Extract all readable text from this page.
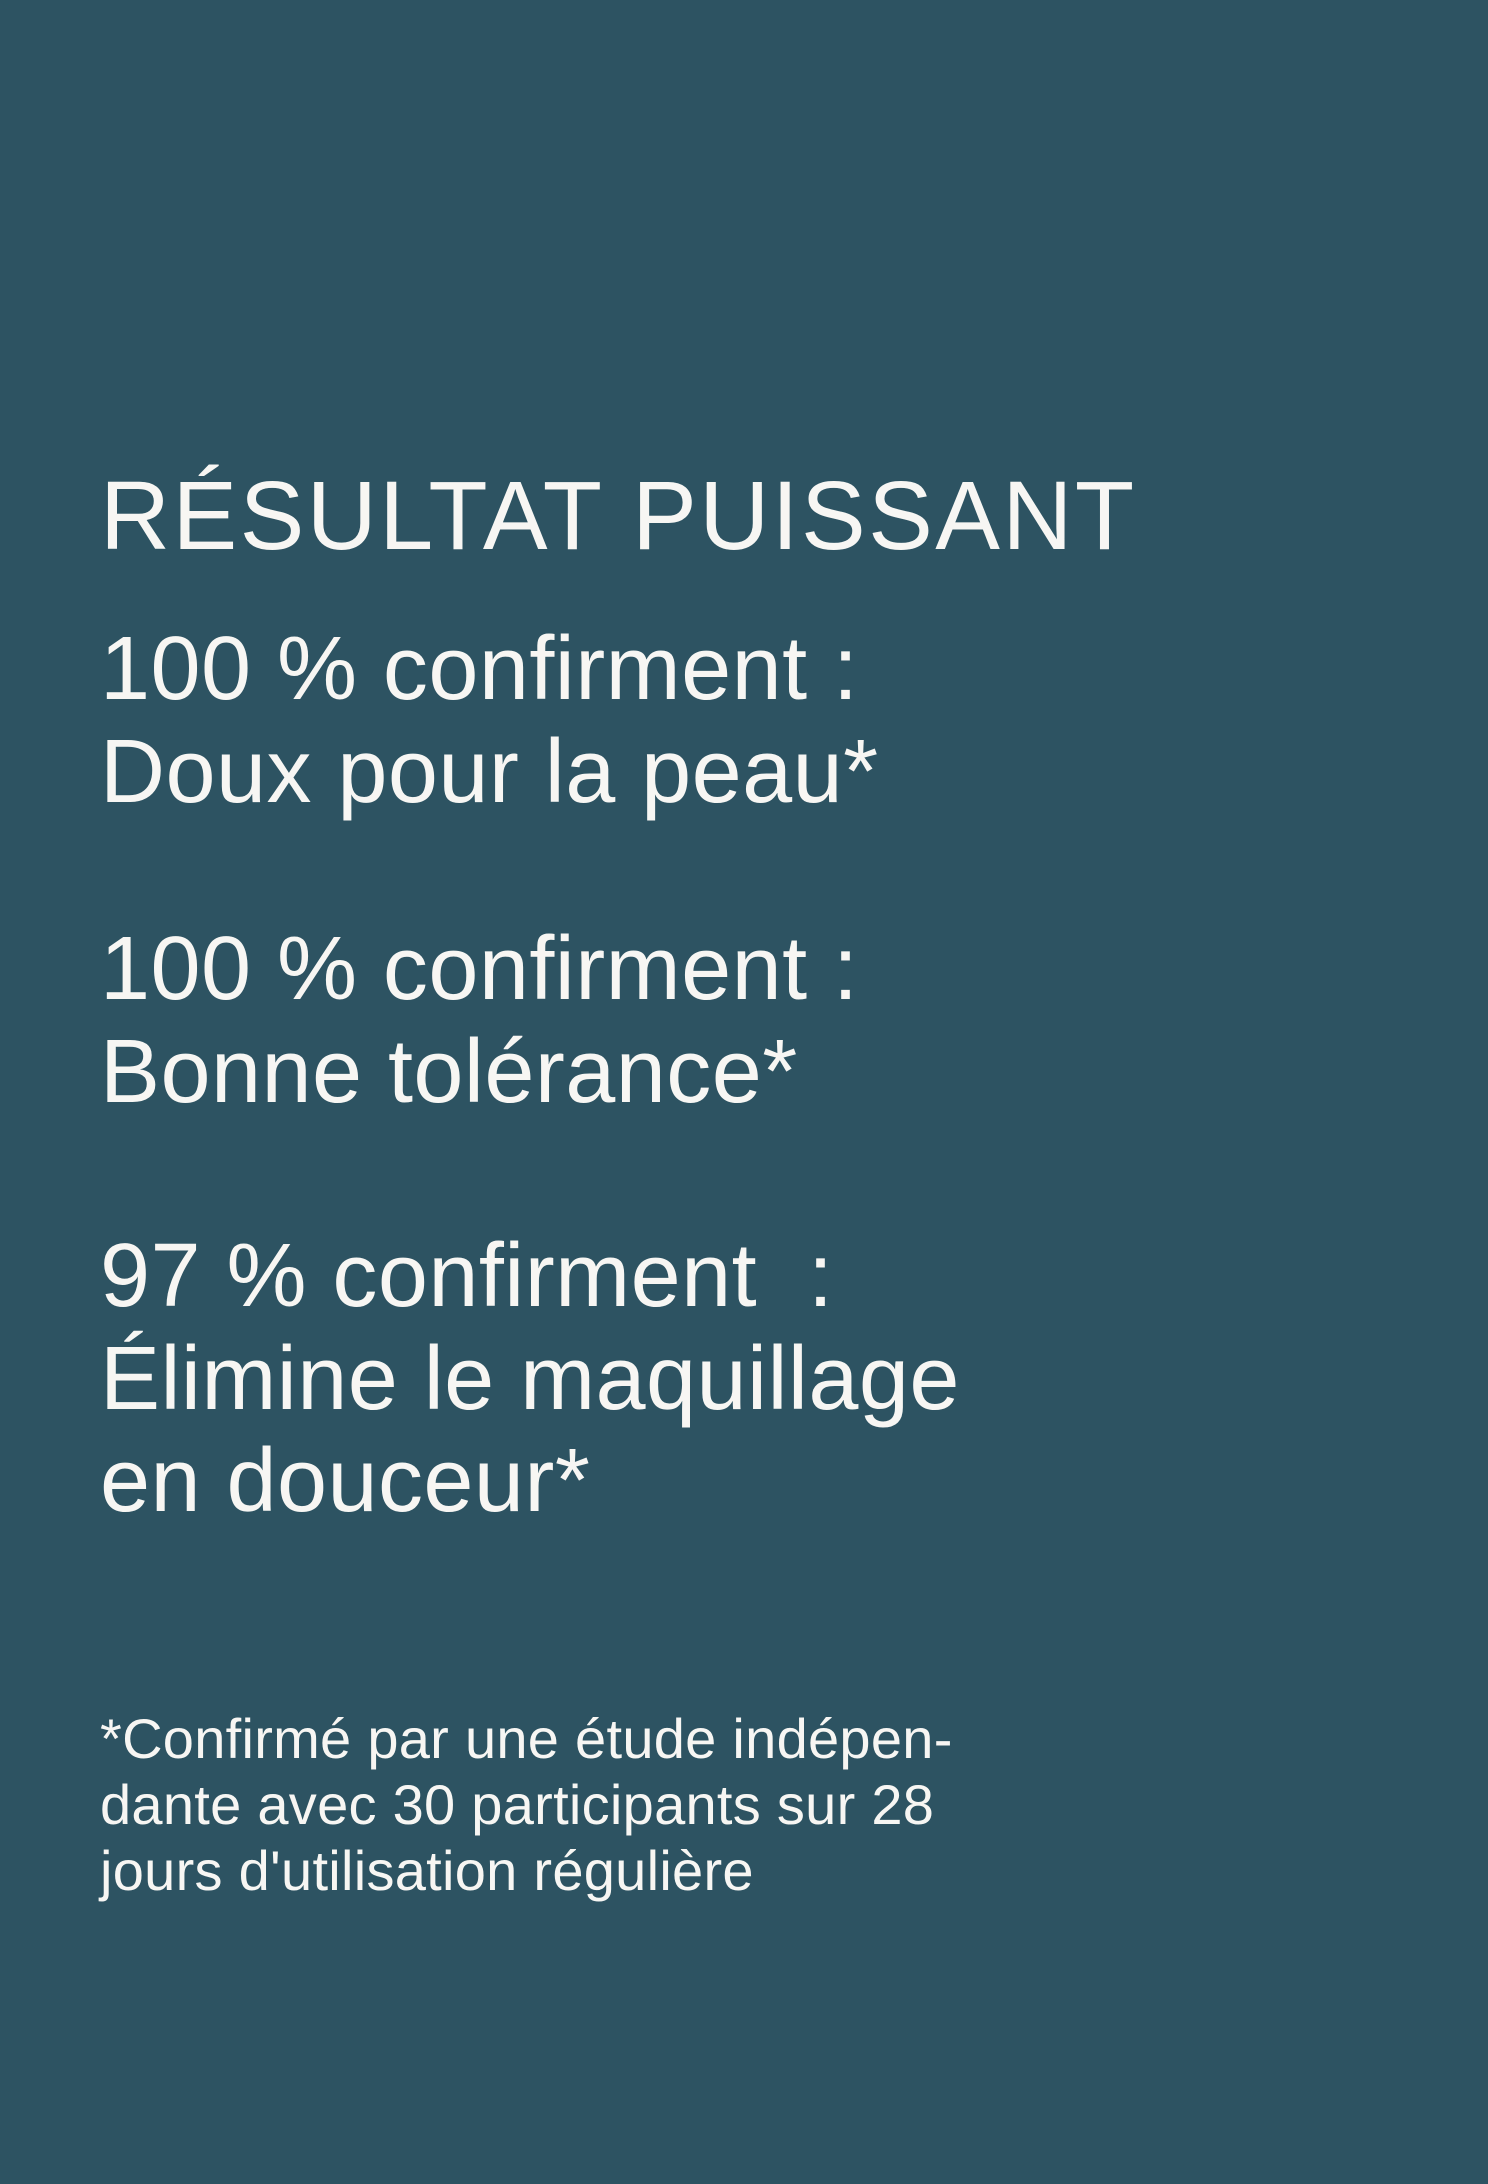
RÉSULTAT PUISSANT
100 % confirment :
Doux pour la peau*
100 % confirment :
Bonne tolérance*
97 % confirment  :
Élimine le maquillage
en douceur*
*Confirmé par une étude indépen-
dante avec 30 participants sur 28
jours d'utilisation régulière
